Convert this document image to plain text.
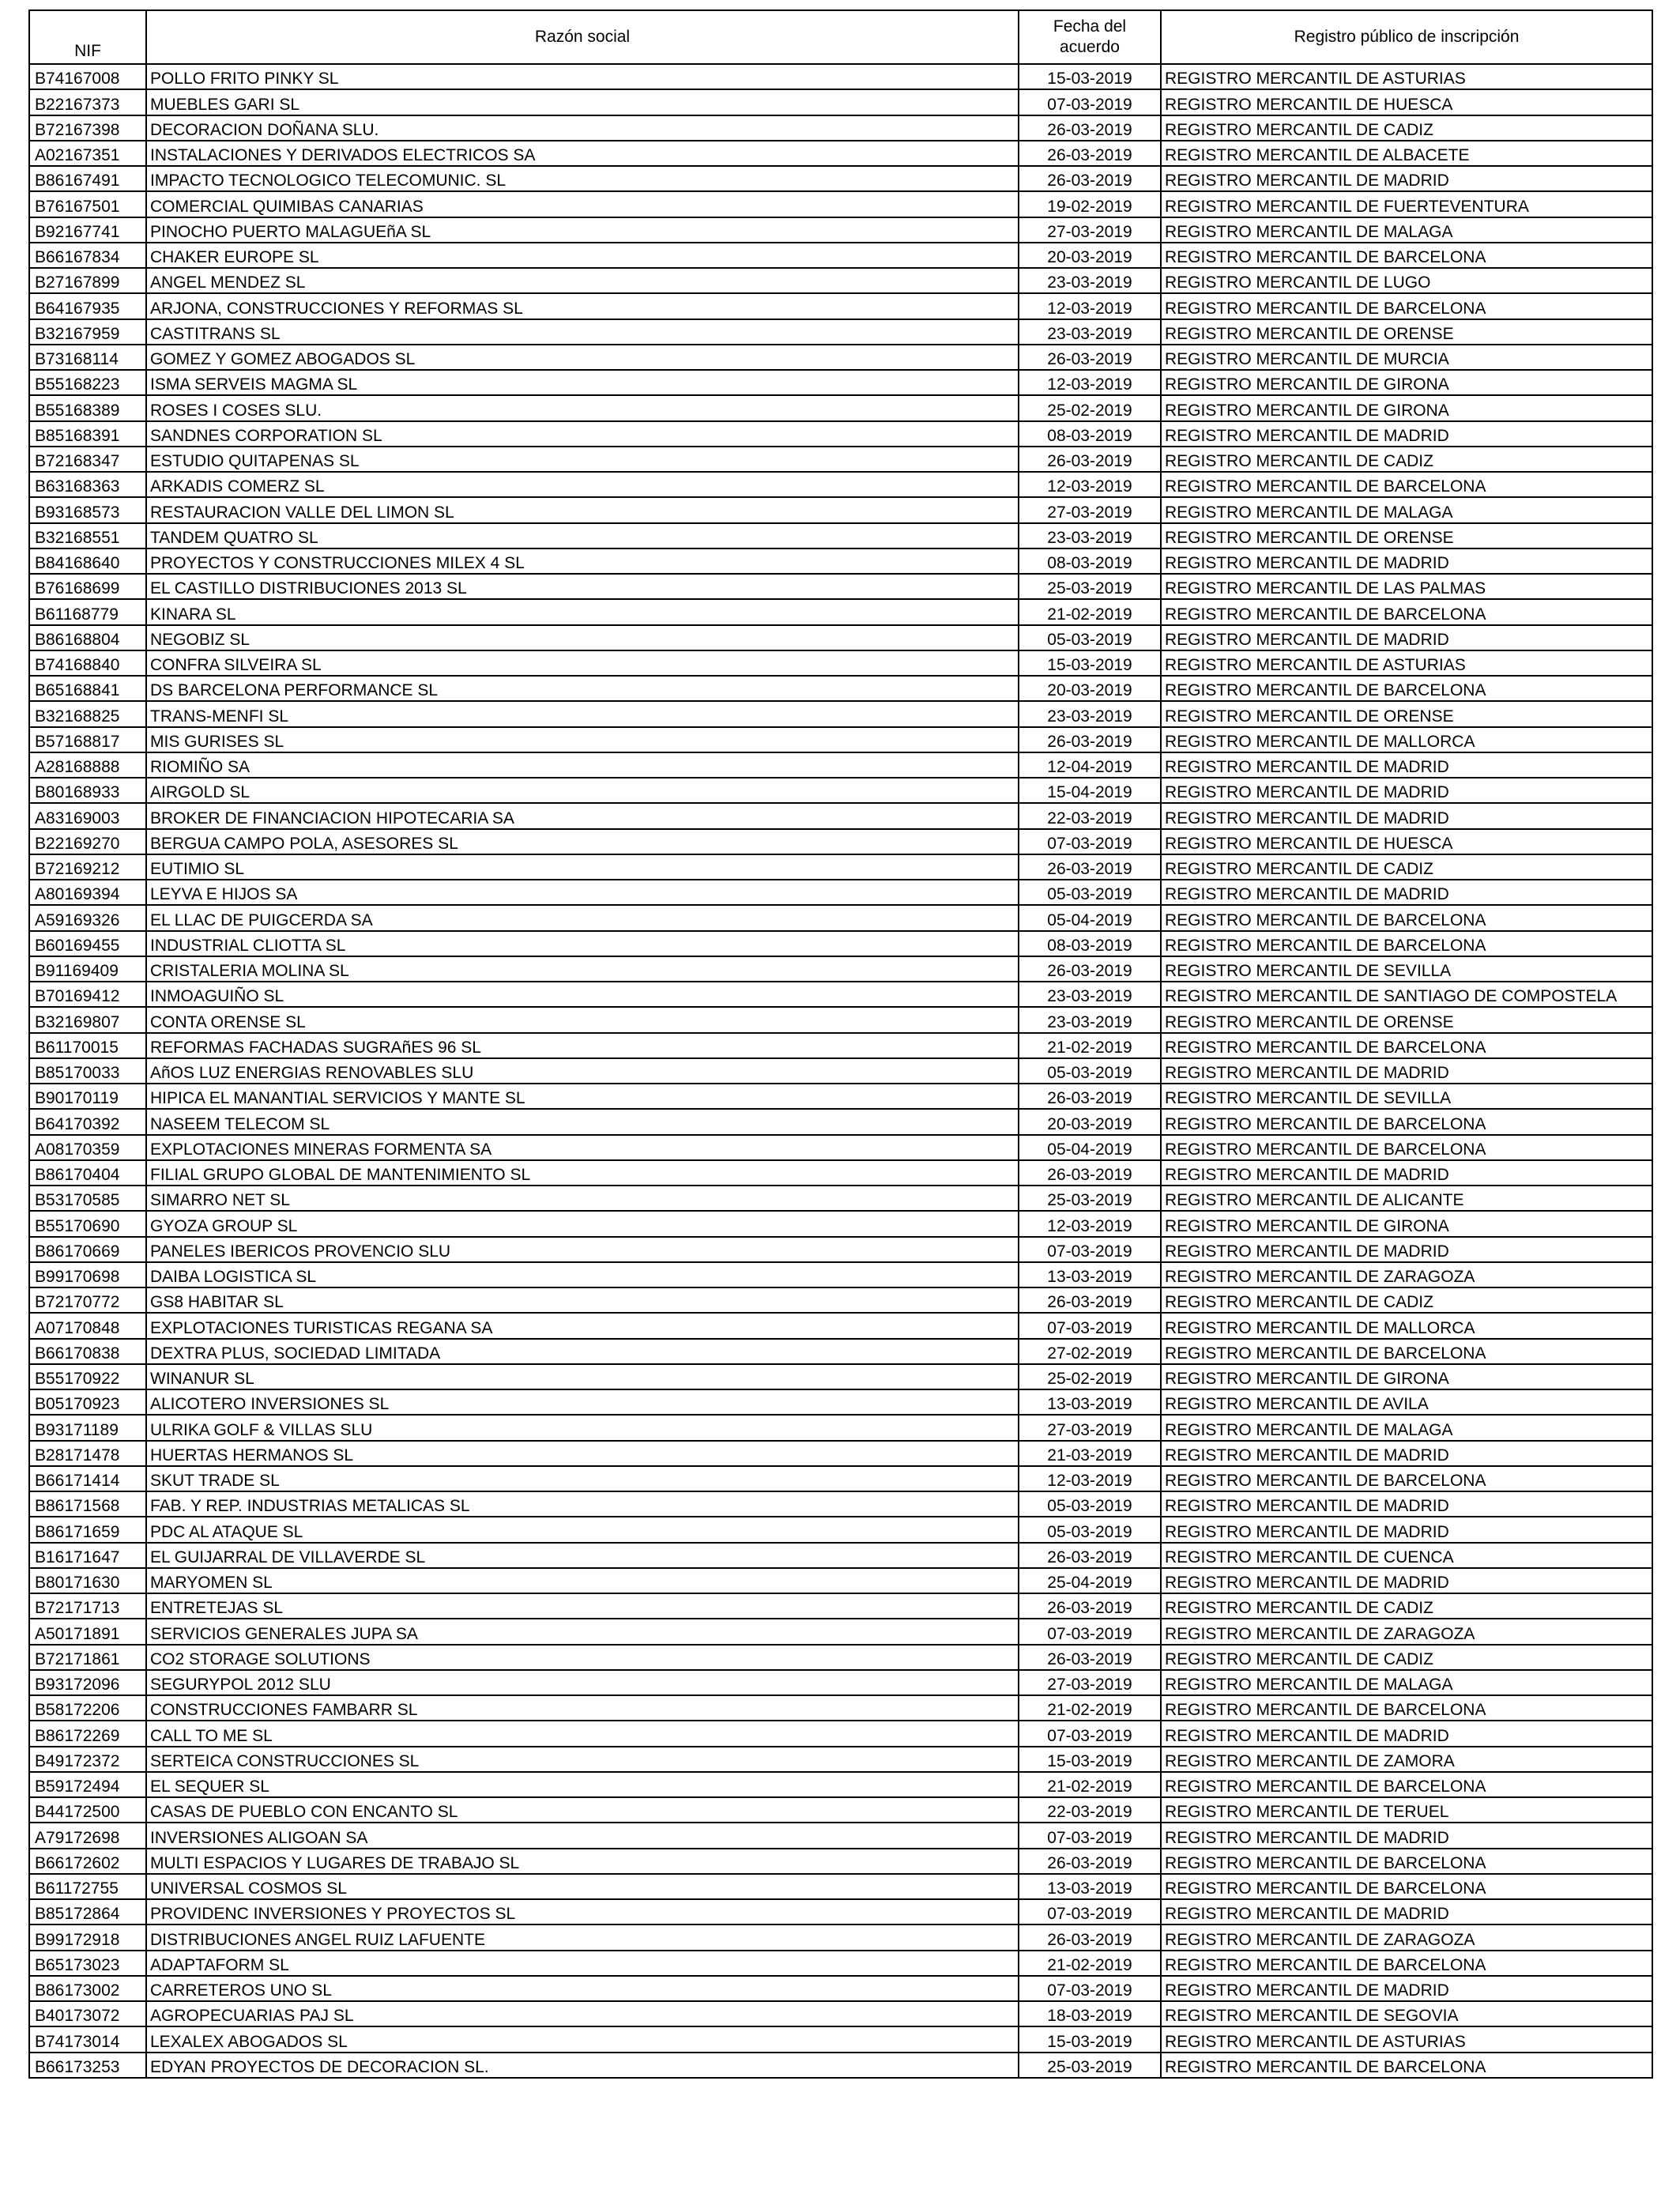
NIF	Razón social	Fecha del acuerdo	Registro público de inscripción
B74167008	POLLO FRITO PINKY SL	15-03-2019	REGISTRO MERCANTIL DE ASTURIAS
B22167373	MUEBLES GARI SL	07-03-2019	REGISTRO MERCANTIL DE HUESCA
B72167398	DECORACION DOÑANA SLU.	26-03-2019	REGISTRO MERCANTIL DE CADIZ
A02167351	INSTALACIONES Y DERIVADOS ELECTRICOS SA	26-03-2019	REGISTRO MERCANTIL DE ALBACETE
B86167491	IMPACTO TECNOLOGICO TELECOMUNIC. SL	26-03-2019	REGISTRO MERCANTIL DE MADRID
B76167501	COMERCIAL QUIMIBAS CANARIAS	19-02-2019	REGISTRO MERCANTIL DE FUERTEVENTURA
B92167741	PINOCHO PUERTO MALAGUEñA SL	27-03-2019	REGISTRO MERCANTIL DE MALAGA
B66167834	CHAKER EUROPE SL	20-03-2019	REGISTRO MERCANTIL DE BARCELONA
B27167899	ANGEL MENDEZ SL	23-03-2019	REGISTRO MERCANTIL DE LUGO
B64167935	ARJONA, CONSTRUCCIONES Y REFORMAS SL	12-03-2019	REGISTRO MERCANTIL DE BARCELONA
B32167959	CASTITRANS SL	23-03-2019	REGISTRO MERCANTIL DE ORENSE
B73168114	GOMEZ Y GOMEZ ABOGADOS SL	26-03-2019	REGISTRO MERCANTIL DE MURCIA
B55168223	ISMA SERVEIS MAGMA SL	12-03-2019	REGISTRO MERCANTIL DE GIRONA
B55168389	ROSES I COSES SLU.	25-02-2019	REGISTRO MERCANTIL DE GIRONA
B85168391	SANDNES CORPORATION SL	08-03-2019	REGISTRO MERCANTIL DE MADRID
B72168347	ESTUDIO QUITAPENAS SL	26-03-2019	REGISTRO MERCANTIL DE CADIZ
B63168363	ARKADIS COMERZ SL	12-03-2019	REGISTRO MERCANTIL DE BARCELONA
B93168573	RESTAURACION VALLE DEL LIMON SL	27-03-2019	REGISTRO MERCANTIL DE MALAGA
B32168551	TANDEM QUATRO SL	23-03-2019	REGISTRO MERCANTIL DE ORENSE
B84168640	PROYECTOS Y CONSTRUCCIONES MILEX 4 SL	08-03-2019	REGISTRO MERCANTIL DE MADRID
B76168699	EL CASTILLO DISTRIBUCIONES 2013 SL	25-03-2019	REGISTRO MERCANTIL DE LAS PALMAS
B61168779	KINARA SL	21-02-2019	REGISTRO MERCANTIL DE BARCELONA
B86168804	NEGOBIZ SL	05-03-2019	REGISTRO MERCANTIL DE MADRID
B74168840	CONFRA SILVEIRA SL	15-03-2019	REGISTRO MERCANTIL DE ASTURIAS
B65168841	DS BARCELONA PERFORMANCE SL	20-03-2019	REGISTRO MERCANTIL DE BARCELONA
B32168825	TRANS-MENFI SL	23-03-2019	REGISTRO MERCANTIL DE ORENSE
B57168817	MIS GURISES SL	26-03-2019	REGISTRO MERCANTIL DE MALLORCA
A28168888	RIOMIÑO SA	12-04-2019	REGISTRO MERCANTIL DE MADRID
B80168933	AIRGOLD SL	15-04-2019	REGISTRO MERCANTIL DE MADRID
A83169003	BROKER DE FINANCIACION HIPOTECARIA SA	22-03-2019	REGISTRO MERCANTIL DE MADRID
B22169270	BERGUA CAMPO POLA, ASESORES SL	07-03-2019	REGISTRO MERCANTIL DE HUESCA
B72169212	EUTIMIO SL	26-03-2019	REGISTRO MERCANTIL DE CADIZ
A80169394	LEYVA E HIJOS SA	05-03-2019	REGISTRO MERCANTIL DE MADRID
A59169326	EL LLAC DE PUIGCERDA SA	05-04-2019	REGISTRO MERCANTIL DE BARCELONA
B60169455	INDUSTRIAL CLIOTTA SL	08-03-2019	REGISTRO MERCANTIL DE BARCELONA
B91169409	CRISTALERIA MOLINA SL	26-03-2019	REGISTRO MERCANTIL DE SEVILLA
B70169412	INMOAGUIÑO SL	23-03-2019	REGISTRO MERCANTIL DE SANTIAGO DE COMPOSTELA
B32169807	CONTA ORENSE SL	23-03-2019	REGISTRO MERCANTIL DE ORENSE
B61170015	REFORMAS FACHADAS SUGRAñES 96 SL	21-02-2019	REGISTRO MERCANTIL DE BARCELONA
B85170033	AñOS LUZ ENERGIAS RENOVABLES SLU	05-03-2019	REGISTRO MERCANTIL DE MADRID
B90170119	HIPICA EL MANANTIAL SERVICIOS Y MANTE SL	26-03-2019	REGISTRO MERCANTIL DE SEVILLA
B64170392	NASEEM TELECOM SL	20-03-2019	REGISTRO MERCANTIL DE BARCELONA
A08170359	EXPLOTACIONES MINERAS FORMENTA SA	05-04-2019	REGISTRO MERCANTIL DE BARCELONA
B86170404	FILIAL GRUPO GLOBAL DE MANTENIMIENTO SL	26-03-2019	REGISTRO MERCANTIL DE MADRID
B53170585	SIMARRO NET SL	25-03-2019	REGISTRO MERCANTIL DE ALICANTE
B55170690	GYOZA GROUP SL	12-03-2019	REGISTRO MERCANTIL DE GIRONA
B86170669	PANELES IBERICOS PROVENCIO SLU	07-03-2019	REGISTRO MERCANTIL DE MADRID
B99170698	DAIBA LOGISTICA SL	13-03-2019	REGISTRO MERCANTIL DE ZARAGOZA
B72170772	GS8 HABITAR SL	26-03-2019	REGISTRO MERCANTIL DE CADIZ
A07170848	EXPLOTACIONES TURISTICAS REGANA SA	07-03-2019	REGISTRO MERCANTIL DE MALLORCA
B66170838	DEXTRA PLUS, SOCIEDAD LIMITADA	27-02-2019	REGISTRO MERCANTIL DE BARCELONA
B55170922	WINANUR SL	25-02-2019	REGISTRO MERCANTIL DE GIRONA
B05170923	ALICOTERO INVERSIONES SL	13-03-2019	REGISTRO MERCANTIL DE AVILA
B93171189	ULRIKA GOLF & VILLAS SLU	27-03-2019	REGISTRO MERCANTIL DE MALAGA
B28171478	HUERTAS HERMANOS SL	21-03-2019	REGISTRO MERCANTIL DE MADRID
B66171414	SKUT TRADE SL	12-03-2019	REGISTRO MERCANTIL DE BARCELONA
B86171568	FAB. Y REP. INDUSTRIAS METALICAS SL	05-03-2019	REGISTRO MERCANTIL DE MADRID
B86171659	PDC AL ATAQUE SL	05-03-2019	REGISTRO MERCANTIL DE MADRID
B16171647	EL GUIJARRAL DE VILLAVERDE SL	26-03-2019	REGISTRO MERCANTIL DE CUENCA
B80171630	MARYOMEN SL	25-04-2019	REGISTRO MERCANTIL DE MADRID
B72171713	ENTRETEJAS SL	26-03-2019	REGISTRO MERCANTIL DE CADIZ
A50171891	SERVICIOS GENERALES JUPA SA	07-03-2019	REGISTRO MERCANTIL DE ZARAGOZA
B72171861	CO2 STORAGE SOLUTIONS	26-03-2019	REGISTRO MERCANTIL DE CADIZ
B93172096	SEGURYPOL 2012 SLU	27-03-2019	REGISTRO MERCANTIL DE MALAGA
B58172206	CONSTRUCCIONES FAMBARR SL	21-02-2019	REGISTRO MERCANTIL DE BARCELONA
B86172269	CALL TO ME SL	07-03-2019	REGISTRO MERCANTIL DE MADRID
B49172372	SERTEICA CONSTRUCCIONES SL	15-03-2019	REGISTRO MERCANTIL DE ZAMORA
B59172494	EL SEQUER SL	21-02-2019	REGISTRO MERCANTIL DE BARCELONA
B44172500	CASAS DE PUEBLO CON ENCANTO SL	22-03-2019	REGISTRO MERCANTIL DE TERUEL
A79172698	INVERSIONES ALIGOAN SA	07-03-2019	REGISTRO MERCANTIL DE MADRID
B66172602	MULTI ESPACIOS Y LUGARES DE TRABAJO SL	26-03-2019	REGISTRO MERCANTIL DE BARCELONA
B61172755	UNIVERSAL COSMOS SL	13-03-2019	REGISTRO MERCANTIL DE BARCELONA
B85172864	PROVIDENC INVERSIONES Y PROYECTOS SL	07-03-2019	REGISTRO MERCANTIL DE MADRID
B99172918	DISTRIBUCIONES ANGEL RUIZ LAFUENTE	26-03-2019	REGISTRO MERCANTIL DE ZARAGOZA
B65173023	ADAPTAFORM SL	21-02-2019	REGISTRO MERCANTIL DE BARCELONA
B86173002	CARRETEROS UNO SL	07-03-2019	REGISTRO MERCANTIL DE MADRID
B40173072	AGROPECUARIAS PAJ SL	18-03-2019	REGISTRO MERCANTIL DE SEGOVIA
B74173014	LEXALEX ABOGADOS SL	15-03-2019	REGISTRO MERCANTIL DE ASTURIAS
B66173253	EDYAN PROYECTOS DE DECORACION SL.	25-03-2019	REGISTRO MERCANTIL DE BARCELONA
